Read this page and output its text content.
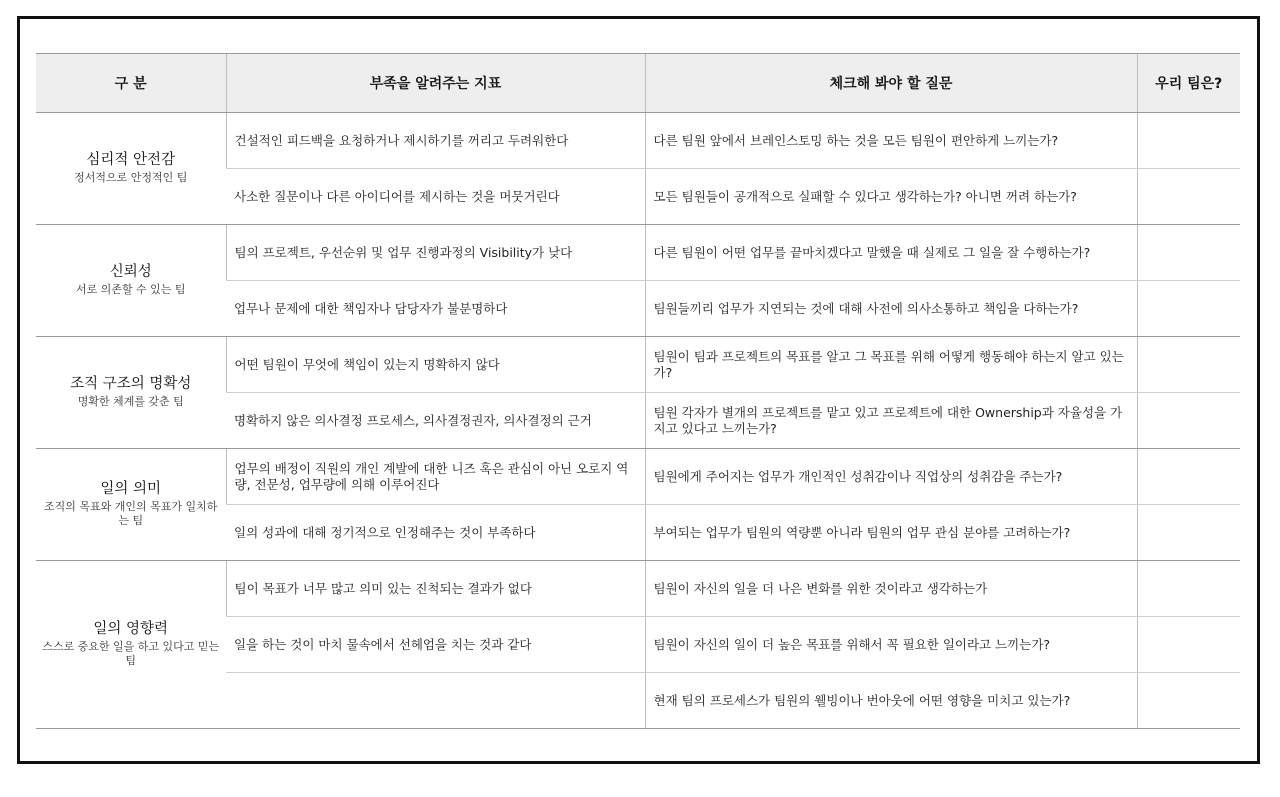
구 분	부족을 알려주는 지표	체크해 봐야 할 질문	우리 팀은?

심리적 안전감
정서적으로 안정적인 팀	건설적인 피드백을 요청하거나 제시하기를 꺼리고 두려워한다	다른 팀원 앞에서 브레인스토밍 하는 것을 모든 팀원이 편안하게 느끼는가?	
	사소한 질문이나 다른 아이디어를 제시하는 것을 머뭇거린다	모든 팀원들이 공개적으로 실패할 수 있다고 생각하는가? 아니면 꺼려 하는가?	

신뢰성
서로 의존할 수 있는 팀	팀의 프로젝트, 우선순위 및 업무 진행과정의 Visibility가 낮다	다른 팀원이 어떤 업무를 끝마치겠다고 말했을 때 실제로 그 일을 잘 수행하는가?	
	업무나 문제에 대한 책임자나 담당자가 불분명하다	팀원들끼리 업무가 지연되는 것에 대해 사전에 의사소통하고 책임을 다하는가?	

조직 구조의 명확성
명확한 체계를 갖춘 팀	어떤 팀원이 무엇에 책임이 있는지 명확하지 않다	팀원이 팀과 프로젝트의 목표를 알고 그 목표를 위해 어떻게 행동해야 하는지 알고 있는가?	
	명확하지 않은 의사결정 프로세스, 의사결정권자, 의사결정의 근거	팀원 각자가 별개의 프로젝트를 맡고 있고 프로젝트에 대한 Ownership과 자율성을 가지고 있다고 느끼는가?	

일의 의미
조직의 목표와 개인의 목표가 일치하는 팀	업무의 배정이 직원의 개인 계발에 대한 니즈 혹은 관심이 아닌 오로지 역량, 전문성, 업무량에 의해 이루어진다	팀원에게 주어지는 업무가 개인적인 성취감이나 직업상의 성취감을 주는가?	
	일의 성과에 대해 정기적으로 인정해주는 것이 부족하다	부여되는 업무가 팀원의 역량뿐 아니라 팀원의 업무 관심 분야를 고려하는가?	

일의 영향력
스스로 중요한 일을 하고 있다고 믿는 팀	팀이 목표가 너무 많고 의미 있는 진척되는 결과가 없다	팀원이 자신의 일을 더 나은 변화를 위한 것이라고 생각하는가	
	일을 하는 것이 마치 물속에서 선헤엄을 치는 것과 같다	팀원이 자신의 일이 더 높은 목표를 위해서 꼭 필요한 일이라고 느끼는가?	
		현재 팀의 프로세스가 팀원의 웰빙이나 번아웃에 어떤 영향을 미치고 있는가?	
